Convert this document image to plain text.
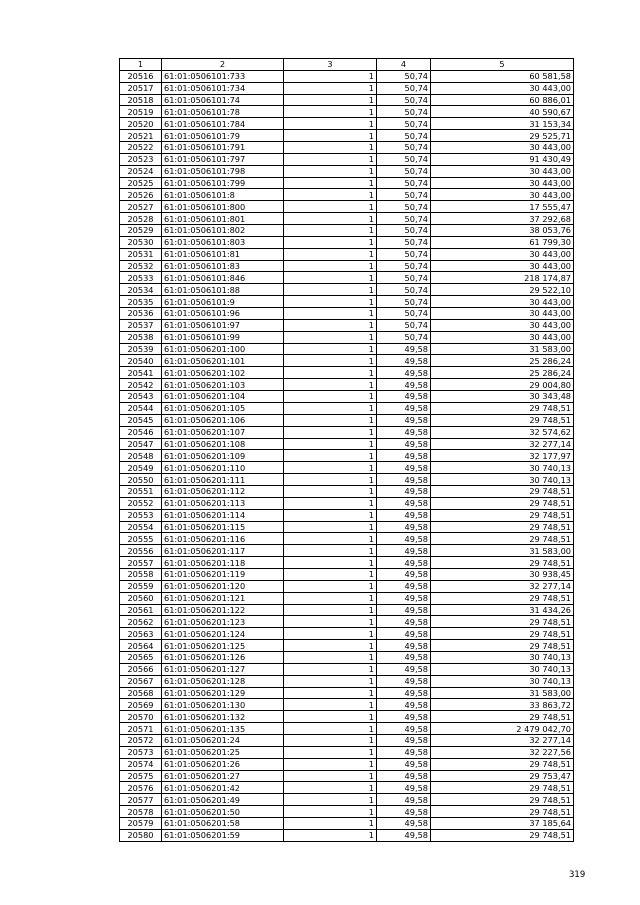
1	2	3	4	5
20516	61:01:0506101:733	1	50,74	60 581,58
20517	61:01:0506101:734	1	50,74	30 443,00
20518	61:01:0506101:74	1	50,74	60 886,01
20519	61:01:0506101:78	1	50,74	40 590,67
20520	61:01:0506101:784	1	50,74	31 153,34
20521	61:01:0506101:79	1	50,74	29 525,71
20522	61:01:0506101:791	1	50,74	30 443,00
20523	61:01:0506101:797	1	50,74	91 430,49
20524	61:01:0506101:798	1	50,74	30 443,00
20525	61:01:0506101:799	1	50,74	30 443,00
20526	61:01:0506101:8	1	50,74	30 443,00
20527	61:01:0506101:800	1	50,74	17 555,47
20528	61:01:0506101:801	1	50,74	37 292,68
20529	61:01:0506101:802	1	50,74	38 053,76
20530	61:01:0506101:803	1	50,74	61 799,30
20531	61:01:0506101:81	1	50,74	30 443,00
20532	61:01:0506101:83	1	50,74	30 443,00
20533	61:01:0506101:846	1	50,74	218 174,87
20534	61:01:0506101:88	1	50,74	29 522,10
20535	61:01:0506101:9	1	50,74	30 443,00
20536	61:01:0506101:96	1	50,74	30 443,00
20537	61:01:0506101:97	1	50,74	30 443,00
20538	61:01:0506101:99	1	50,74	30 443,00
20539	61:01:0506201:100	1	49,58	31 583,00
20540	61:01:0506201:101	1	49,58	25 286,24
20541	61:01:0506201:102	1	49,58	25 286,24
20542	61:01:0506201:103	1	49,58	29 004,80
20543	61:01:0506201:104	1	49,58	30 343,48
20544	61:01:0506201:105	1	49,58	29 748,51
20545	61:01:0506201:106	1	49,58	29 748,51
20546	61:01:0506201:107	1	49,58	32 574,62
20547	61:01:0506201:108	1	49,58	32 277,14
20548	61:01:0506201:109	1	49,58	32 177,97
20549	61:01:0506201:110	1	49,58	30 740,13
20550	61:01:0506201:111	1	49,58	30 740,13
20551	61:01:0506201:112	1	49,58	29 748,51
20552	61:01:0506201:113	1	49,58	29 748,51
20553	61:01:0506201:114	1	49,58	29 748,51
20554	61:01:0506201:115	1	49,58	29 748,51
20555	61:01:0506201:116	1	49,58	29 748,51
20556	61:01:0506201:117	1	49,58	31 583,00
20557	61:01:0506201:118	1	49,58	29 748,51
20558	61:01:0506201:119	1	49,58	30 938,45
20559	61:01:0506201:120	1	49,58	32 277,14
20560	61:01:0506201:121	1	49,58	29 748,51
20561	61:01:0506201:122	1	49,58	31 434,26
20562	61:01:0506201:123	1	49,58	29 748,51
20563	61:01:0506201:124	1	49,58	29 748,51
20564	61:01:0506201:125	1	49,58	29 748,51
20565	61:01:0506201:126	1	49,58	30 740,13
20566	61:01:0506201:127	1	49,58	30 740,13
20567	61:01:0506201:128	1	49,58	30 740,13
20568	61:01:0506201:129	1	49,58	31 583,00
20569	61:01:0506201:130	1	49,58	33 863,72
20570	61:01:0506201:132	1	49,58	29 748,51
20571	61:01:0506201:135	1	49,58	2 479 042,70
20572	61:01:0506201:24	1	49,58	32 277,14
20573	61:01:0506201:25	1	49,58	32 227,56
20574	61:01:0506201:26	1	49,58	29 748,51
20575	61:01:0506201:27	1	49,58	29 753,47
20576	61:01:0506201:42	1	49,58	29 748,51
20577	61:01:0506201:49	1	49,58	29 748,51
20578	61:01:0506201:50	1	49,58	29 748,51
20579	61:01:0506201:58	1	49,58	37 185,64
20580	61:01:0506201:59	1	49,58	29 748,51
319
